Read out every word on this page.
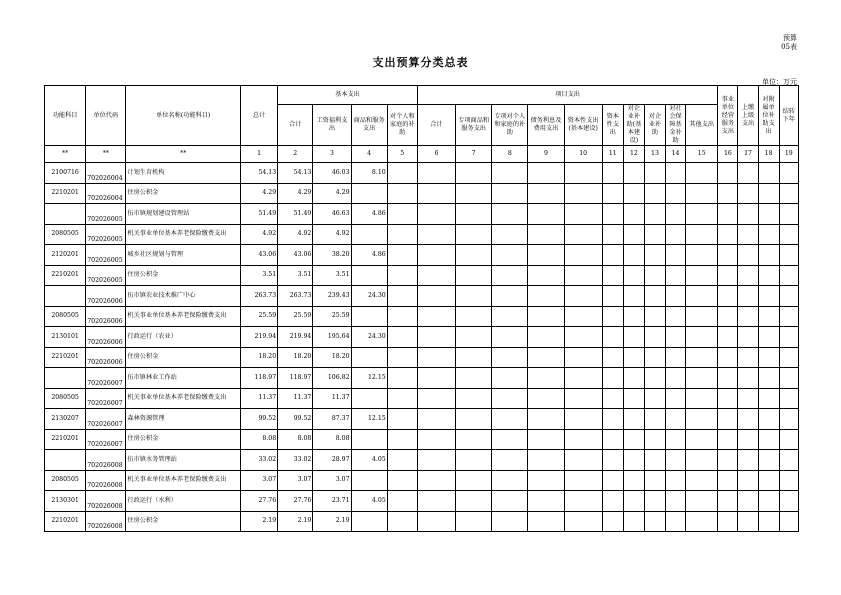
预算
05表
支出预算分类总表
单位：万元
功能科目	单位代码	单位名称(功能科目)	总计	基本支出				项目支出										事业单位经营服务支出	上缴上级支出	对附属单位补助支出	结转下年
				合计	工资福利支出	商品和服务支出	对个人和家庭的补助	合计	专项商品和服务支出	专项对个人和家庭的补助	债务利息及费用支出	资本性支出(基本建设)	资本性支出	对企业补助(基本建设)	对企业补助	对社会保障基金补助	其他支出				
**	**	**	1	2	3	4	5	6	7	8	9	10	11	12	13	14	15	16	17	18	19
2100716	702026004	计划生育机构	54.13	54.13	46.03	8.10															
2210201	702026004	住房公积金	4.29	4.29	4.29																
	702026005	伍市镇规划建设管理站	51.49	51.49	46.63	4.86															
2080505	702026005	机关事业单位基本养老保险缴费支出	4.92	4.92	4.92																
2120201	702026005	城乡社区规划与管理	43.06	43.06	38.20	4.86															
2210201	702026005	住房公积金	3.51	3.51	3.51																
	702026006	伍市镇农业技术推广中心	263.73	263.73	239.43	24.30															
2080505	702026006	机关事业单位基本养老保险缴费支出	25.59	25.59	25.59																
2130101	702026006	行政运行（农业）	219.94	219.94	195.64	24.30															
2210201	702026006	住房公积金	18.20	18.20	18.20																
	702026007	伍市镇林业工作站	118.97	118.97	106.82	12.15															
2080505	702026007	机关事业单位基本养老保险缴费支出	11.37	11.37	11.37																
2130207	702026007	森林资源管理	99.52	99.52	87.37	12.15															
2210201	702026007	住房公积金	8.08	8.08	8.08																
	702026008	伍市镇水务管理站	33.02	33.02	28.97	4.05															
2080505	702026008	机关事业单位基本养老保险缴费支出	3.07	3.07	3.07																
2130301	702026008	行政运行（水利）	27.76	27.76	23.71	4.05															
2210201	702026008	住房公积金	2.19	2.19	2.19																
